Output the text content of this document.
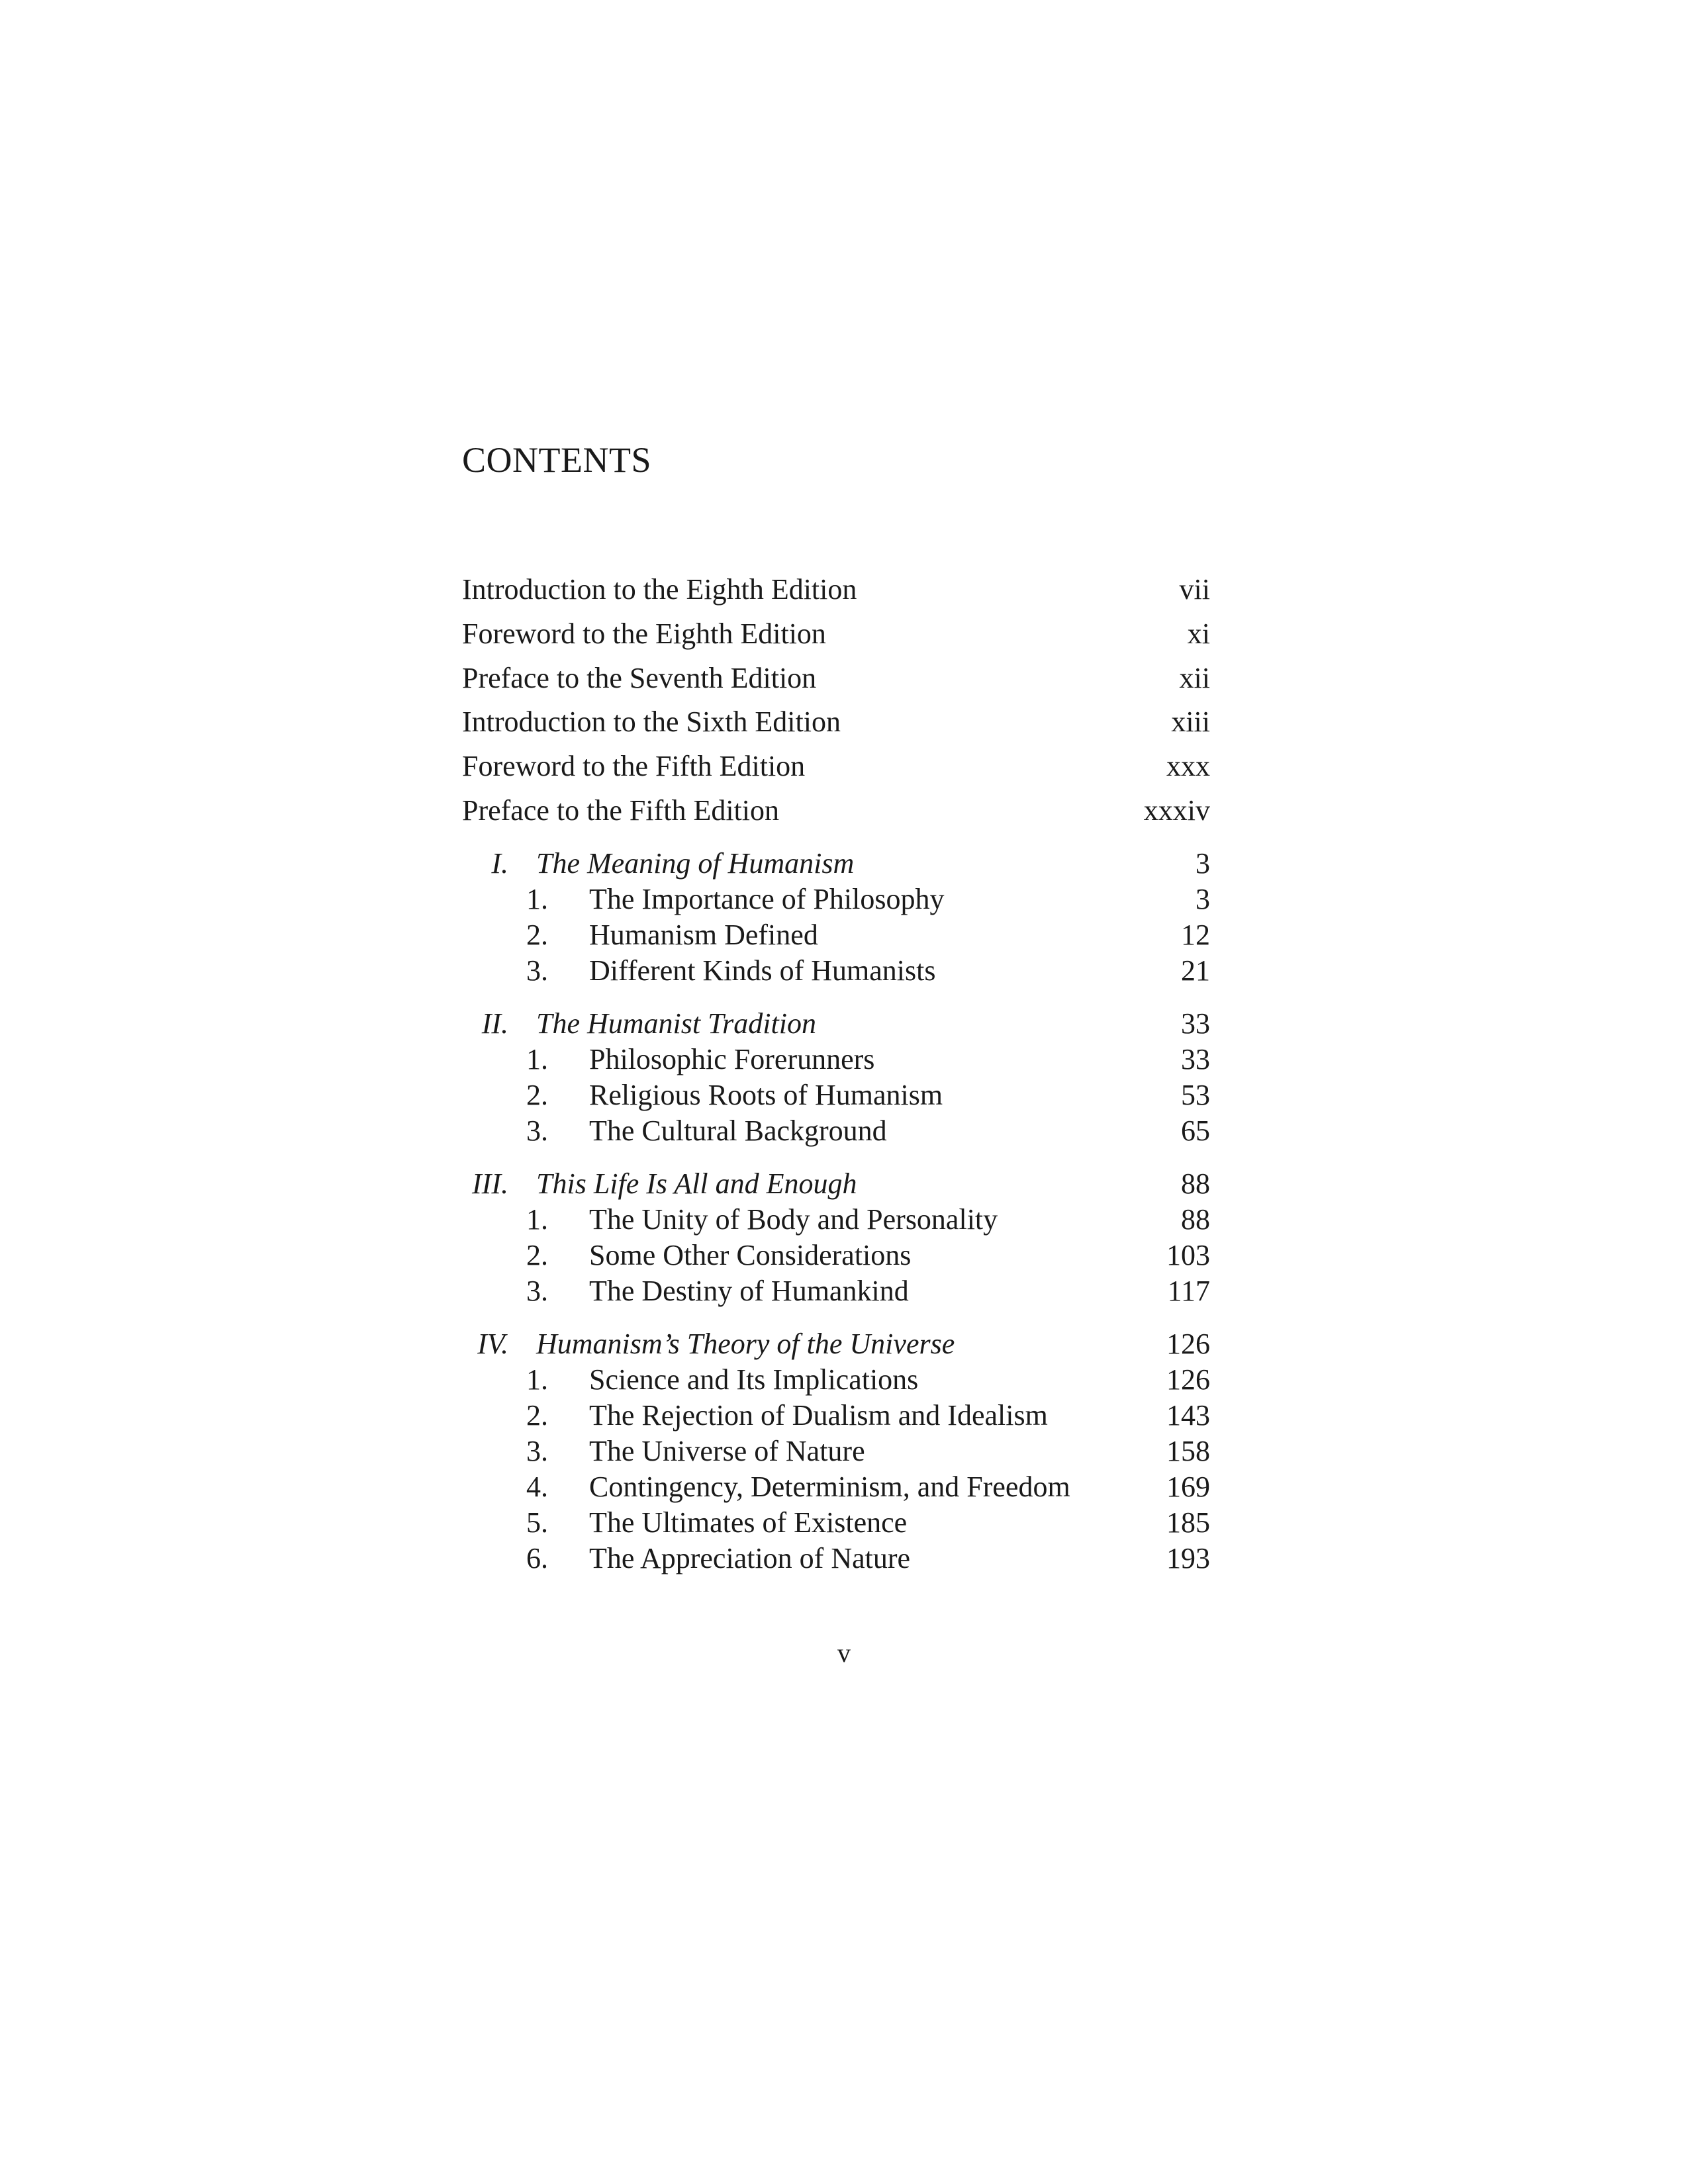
CONTENTS
Introduction to the Eighth Edition	vii
Foreword to the Eighth Edition	xi
Preface to the Seventh Edition	xii
Introduction to the Sixth Edition	xiii
Foreword to the Fifth Edition	xxx
Preface to the Fifth Edition	xxxiv
I. The Meaning of Humanism	3
1. The Importance of Philosophy	3
2. Humanism Defined	12
3. Different Kinds of Humanists	21
II. The Humanist Tradition	33
1. Philosophic Forerunners	33
2. Religious Roots of Humanism	53
3. The Cultural Background	65
III. This Life Is All and Enough	88
1. The Unity of Body and Personality	88
2. Some Other Considerations	103
3. The Destiny of Humankind	117
IV. Humanism’s Theory of the Universe	126
1. Science and Its Implications	126
2. The Rejection of Dualism and Idealism	143
3. The Universe of Nature	158
4. Contingency, Determinism, and Freedom	169
5. The Ultimates of Existence	185
6. The Appreciation of Nature	193
v
